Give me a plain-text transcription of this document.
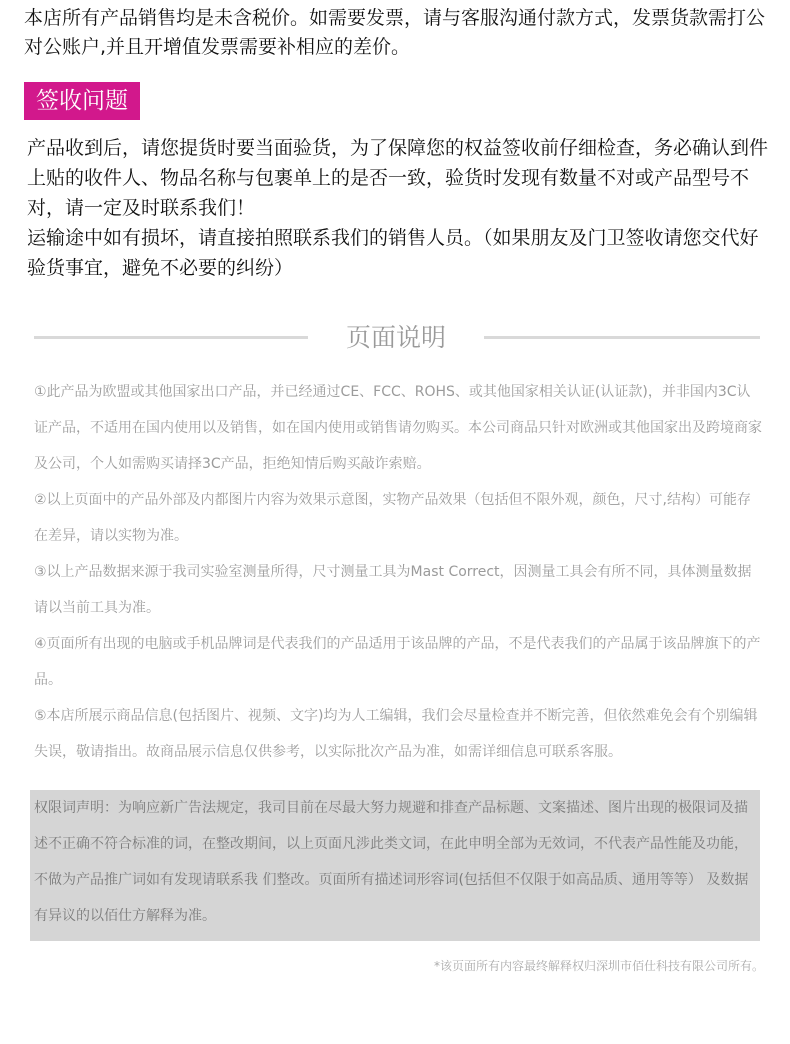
本店所有产品销售均是未含税价。如需要发票，请与客服沟通付款方式，发票货款需打公对公账户,并且开增值发票需要补相应的差价。

签收问题

产品收到后，请您提货时要当面验货，为了保障您的权益签收前仔细检查，务必确认到件上贴的收件人、物品名称与包裹单上的是否一致，验货时发现有数量不对或产品型号不对，请一定及时联系我们！

运输途中如有损坏，请直接拍照联系我们的销售人员。（如果朋友及门卫签收请您交代好验货事宜，避免不必要的纠纷）

页面说明

①此产品为欧盟或其他国家出口产品，并已经通过CE、FCC、ROHS、或其他国家相关认证(认证款)，并非国内3C认证产品，不适用在国内使用以及销售，如在国内使用或销售请勿购买。本公司商品只针对欧洲或其他国家出及跨境商家及公司，个人如需购买请择3C产品，拒绝知情后购买敲诈索赔。

②以上页面中的产品外部及内都图片内容为效果示意图，实物产品效果（包括但不限外观，颜色，尺寸,结构）可能存在差异，请以实物为准。

③以上产品数据来源于我司实验室测量所得，尺寸测量工具为Mast Correct，因测量工具会有所不同，具体测量数据请以当前工具为准。

④页面所有出现的电脑或手机品牌词是代表我们的产品适用于该品牌的产品，不是代表我们的产品属于该品牌旗下的产品。

⑤本店所展示商品信息(包括图片、视频、文字)均为人工编辑，我们会尽量检查并不断完善，但依然难免会有个别编辑失误，敬请指出。故商品展示信息仅供参考，以实际批次产品为准，如需详细信息可联系客服。

权限词声明：为响应新广告法规定，我司目前在尽最大努力规避和排查产品标题、文案描述、图片出现的极限词及描述不正确不符合标准的词，在整改期间，以上页面凡涉此类文词，在此申明全部为无效词，不代表产品性能及功能， 不做为产品推广词如有发现请联系我 们整改。页面所有描述词形容词(包括但不仅限于如高品质、通用等等） 及数据有异议的以佰仕方解释为准。

*该页面所有内容最终解释权归深圳市佰仕科技有限公司所有。
